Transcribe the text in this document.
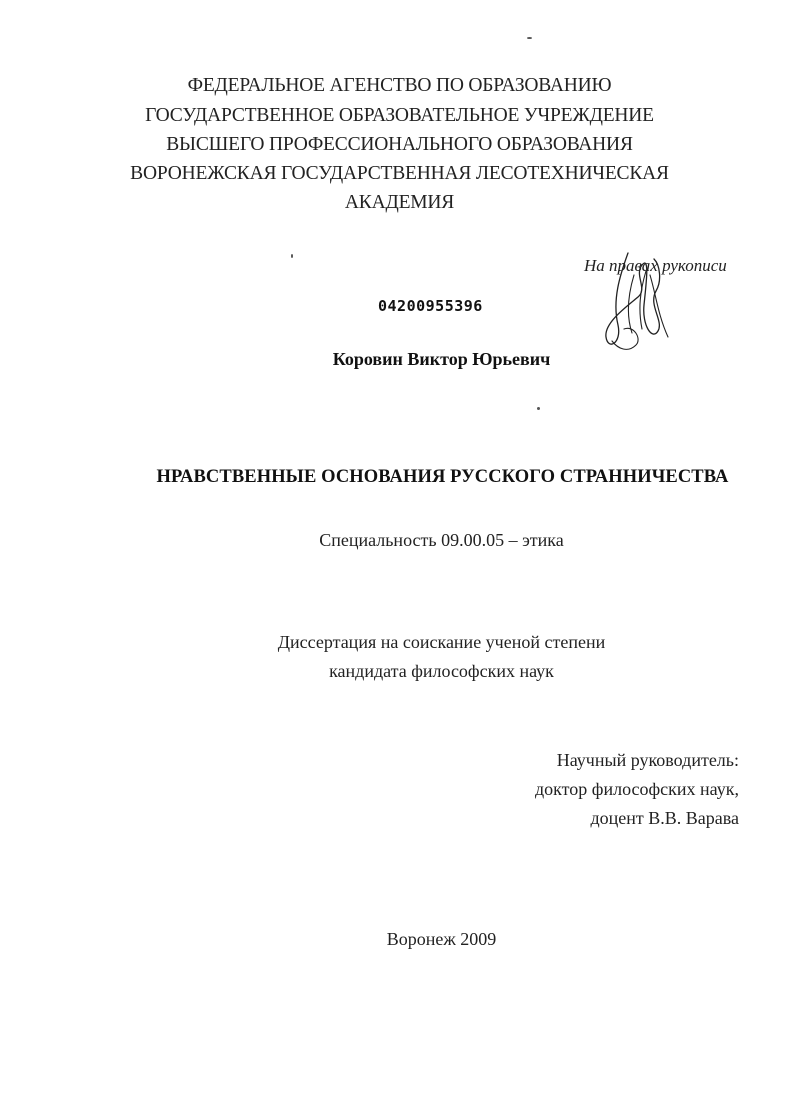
ФЕДЕРАЛЬНОЕ АГЕНСТВО ПО ОБРАЗОВАНИЮ
ГОСУДАРСТВЕННОЕ ОБРАЗОВАТЕЛЬНОЕ УЧРЕЖДЕНИЕ
ВЫСШЕГО ПРОФЕССИОНАЛЬНОГО ОБРАЗОВАНИЯ
ВОРОНЕЖСКАЯ ГОСУДАРСТВЕННАЯ ЛЕСОТЕХНИЧЕСКАЯ
АКАДЕМИЯ
На правах рукописи
04200955396
Коровин Виктор Юрьевич
НРАВСТВЕННЫЕ ОСНОВАНИЯ РУССКОГО СТРАННИЧЕСТВА
Специальность 09.00.05 – этика
Диссертация на соискание ученой степени
кандидата философских наук
Научный руководитель:
доктор философских наук,
доцент В.В. Варава
Воронеж 2009
